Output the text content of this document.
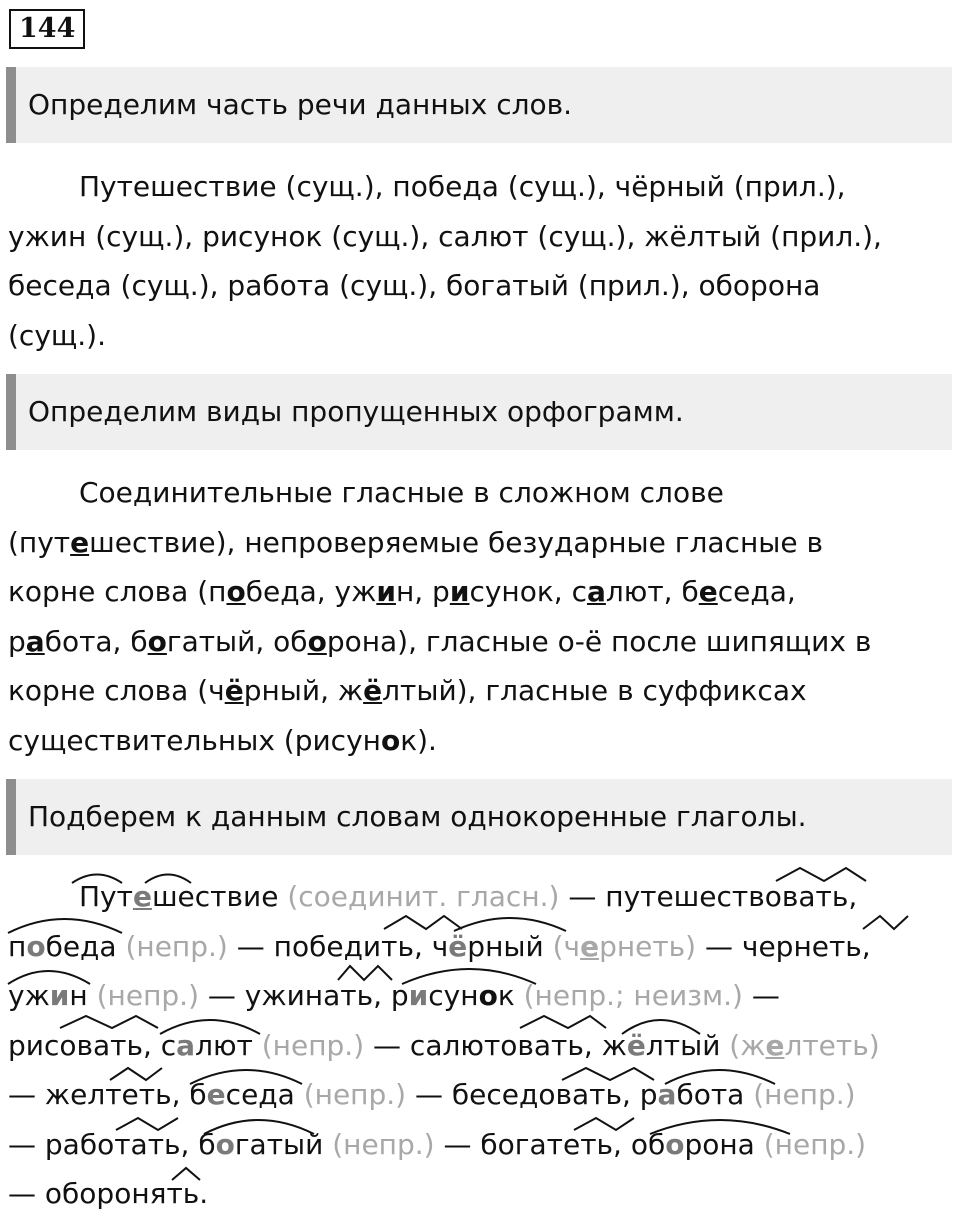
144
Определим часть речи данных слов.
Путешествие (сущ.), победа (сущ.), чёрный (прил.),
ужин (сущ.), рисунок (сущ.), салют (сущ.), жёлтый (прил.),
беседа (сущ.), работа (сущ.), богатый (прил.), оборона
(сущ.).
Определим виды пропущенных орфограмм.
Соединительные гласные в сложном слове
(путешествие), непроверяемые безударные гласные в
корне слова (победа, ужин, рисунок, салют, беседа,
работа, богатый, оборона), гласные о-ё после шипящих в
корне слова (чёрный, жёлтый), гласные в суффиксах
существительных (рисунок).
Подберем к данным словам однокоренные глаголы.
Путешествие (соединит. гласн.) — путешествовать,
победа (непр.) — победить, чёрный (чернеть) — чернеть,
ужин (непр.) — ужинать, рисунок (непр.; неизм.) —
рисовать, салют (непр.) — салютовать, жёлтый (желтеть)
— желтеть, беседа (непр.) — беседовать, работа (непр.)
— работать, богатый (непр.) — богатеть, оборона (непр.)
— оборонять.
